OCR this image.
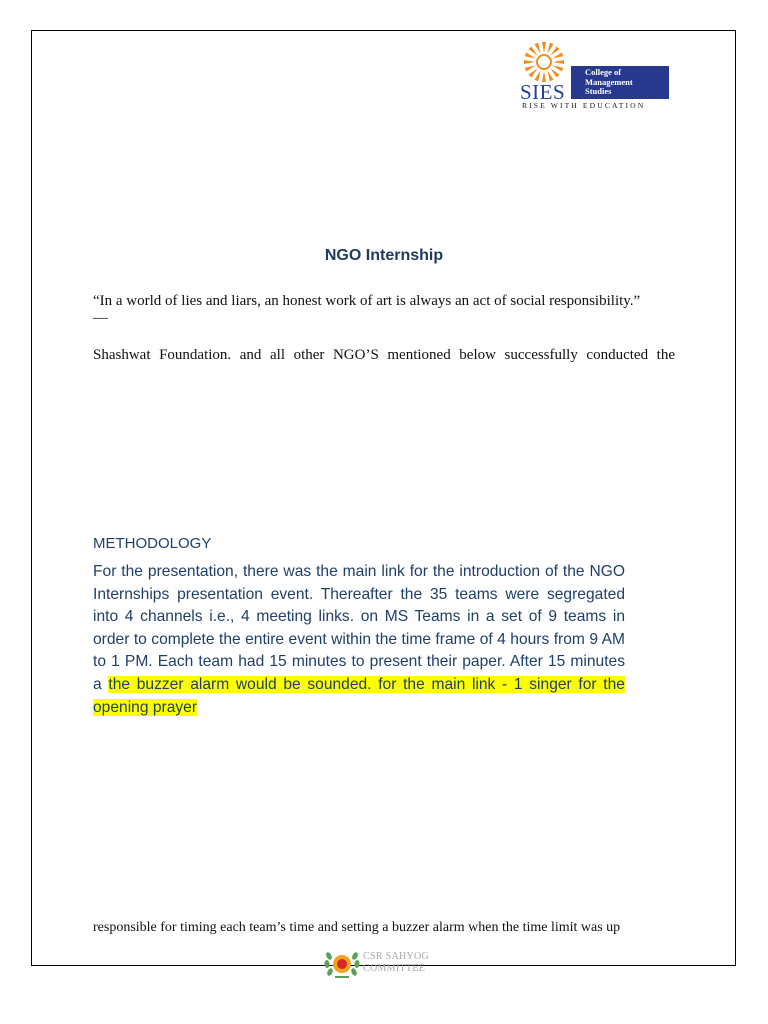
SIES
College of
Management
Studies
RISE WITH EDUCATION
NGO Internship
“In a world of lies and liars, an honest work of art is always an act of social responsibility.”
—
Shashwat Foundation. and all other NGO’S mentioned below successfully conducted the
METHODOLOGY
For the presentation, there was the main link for the introduction of the NGO Internships presentation event. Thereafter the 35 teams were segregated into 4 channels i.e., 4 meeting links. on MS Teams in a set of 9 teams in order to complete the entire event within the time frame of 4 hours from 9 AM to 1 PM. Each team had 15 minutes to present their paper. After 15 minutes a the buzzer alarm would be sounded. for the main link - 1 singer for the opening prayer
responsible for timing each team’s time and setting a buzzer alarm when the time limit was up
CSR SAHYOG
COMMITTEE
